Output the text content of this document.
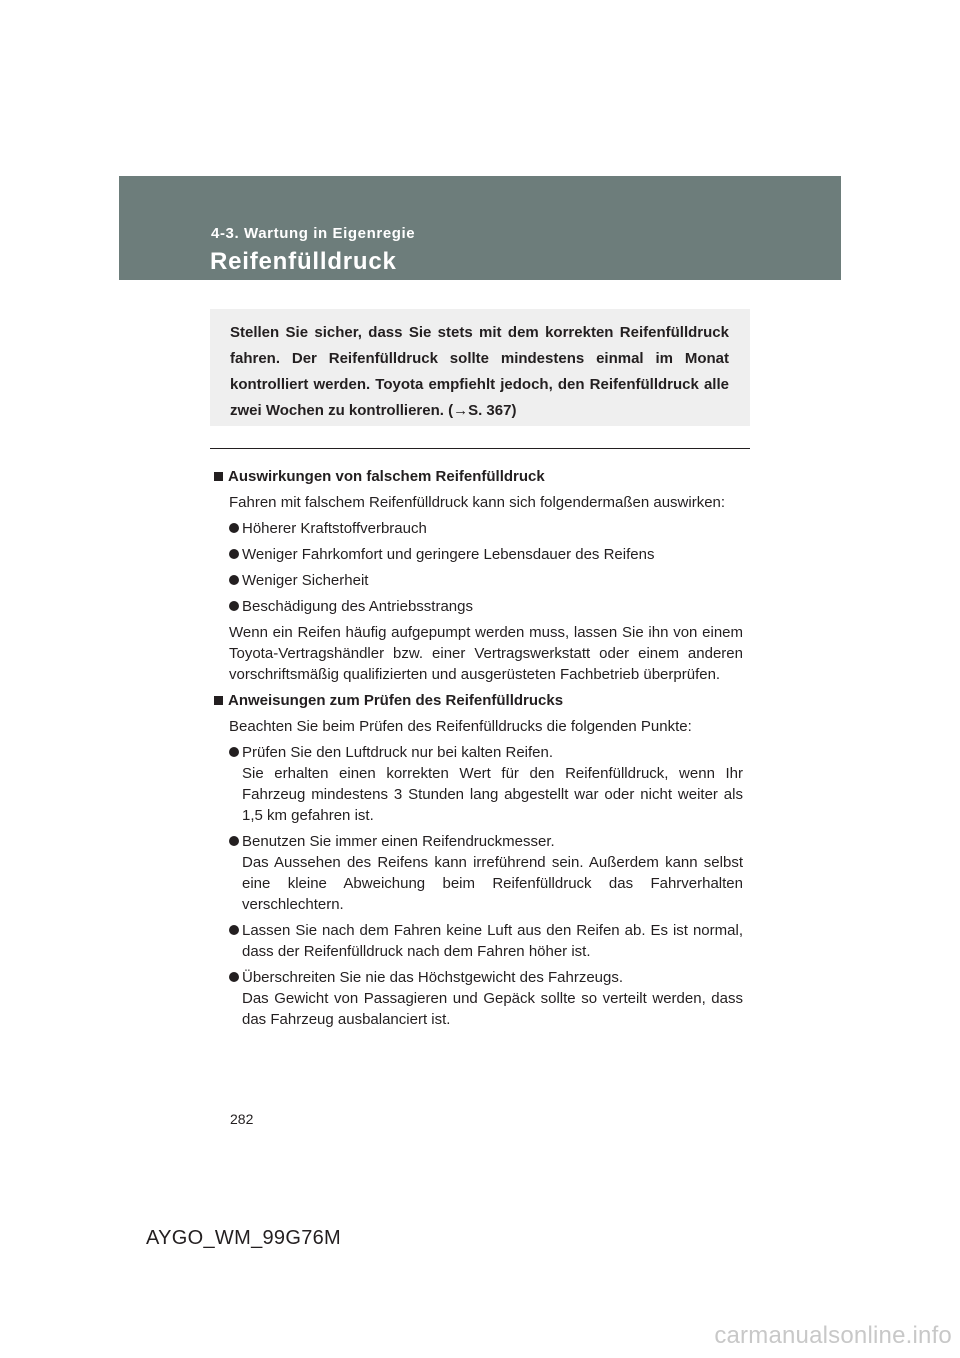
4-3. Wartung in Eigenregie
Reifenfülldruck

Stellen Sie sicher, dass Sie stets mit dem korrekten Reifenfülldruck fahren. Der Reifenfülldruck sollte mindestens einmal im Monat kontrolliert werden. Toyota empfiehlt jedoch, den Reifenfülldruck alle zwei Wochen zu kontrollieren. (→S. 367)

Auswirkungen von falschem Reifenfülldruck

Fahren mit falschem Reifenfülldruck kann sich folgendermaßen auswirken:

Höherer Kraftstoffverbrauch
Weniger Fahrkomfort und geringere Lebensdauer des Reifens
Weniger Sicherheit
Beschädigung des Antriebsstrangs

Wenn ein Reifen häufig aufgepumpt werden muss, lassen Sie ihn von einem Toyota-Vertragshändler bzw. einer Vertragswerkstatt oder einem anderen vorschriftsmäßig qualifizierten und ausgerüsteten Fachbetrieb überprüfen.

Anweisungen zum Prüfen des Reifenfülldrucks

Beachten Sie beim Prüfen des Reifenfülldrucks die folgenden Punkte:

Prüfen Sie den Luftdruck nur bei kalten Reifen.
Sie erhalten einen korrekten Wert für den Reifenfülldruck, wenn Ihr Fahrzeug mindestens 3 Stunden lang abgestellt war oder nicht weiter als 1,5 km gefahren ist.
Benutzen Sie immer einen Reifendruckmesser.
Das Aussehen des Reifens kann irreführend sein. Außerdem kann selbst eine kleine Abweichung beim Reifenfülldruck das Fahrverhalten verschlechtern.
Lassen Sie nach dem Fahren keine Luft aus den Reifen ab. Es ist normal, dass der Reifenfülldruck nach dem Fahren höher ist.
Überschreiten Sie nie das Höchstgewicht des Fahrzeugs.
Das Gewicht von Passagieren und Gepäck sollte so verteilt werden, dass das Fahrzeug ausbalanciert ist.
282
AYGO_WM_99G76M
carmanualsonline.info
